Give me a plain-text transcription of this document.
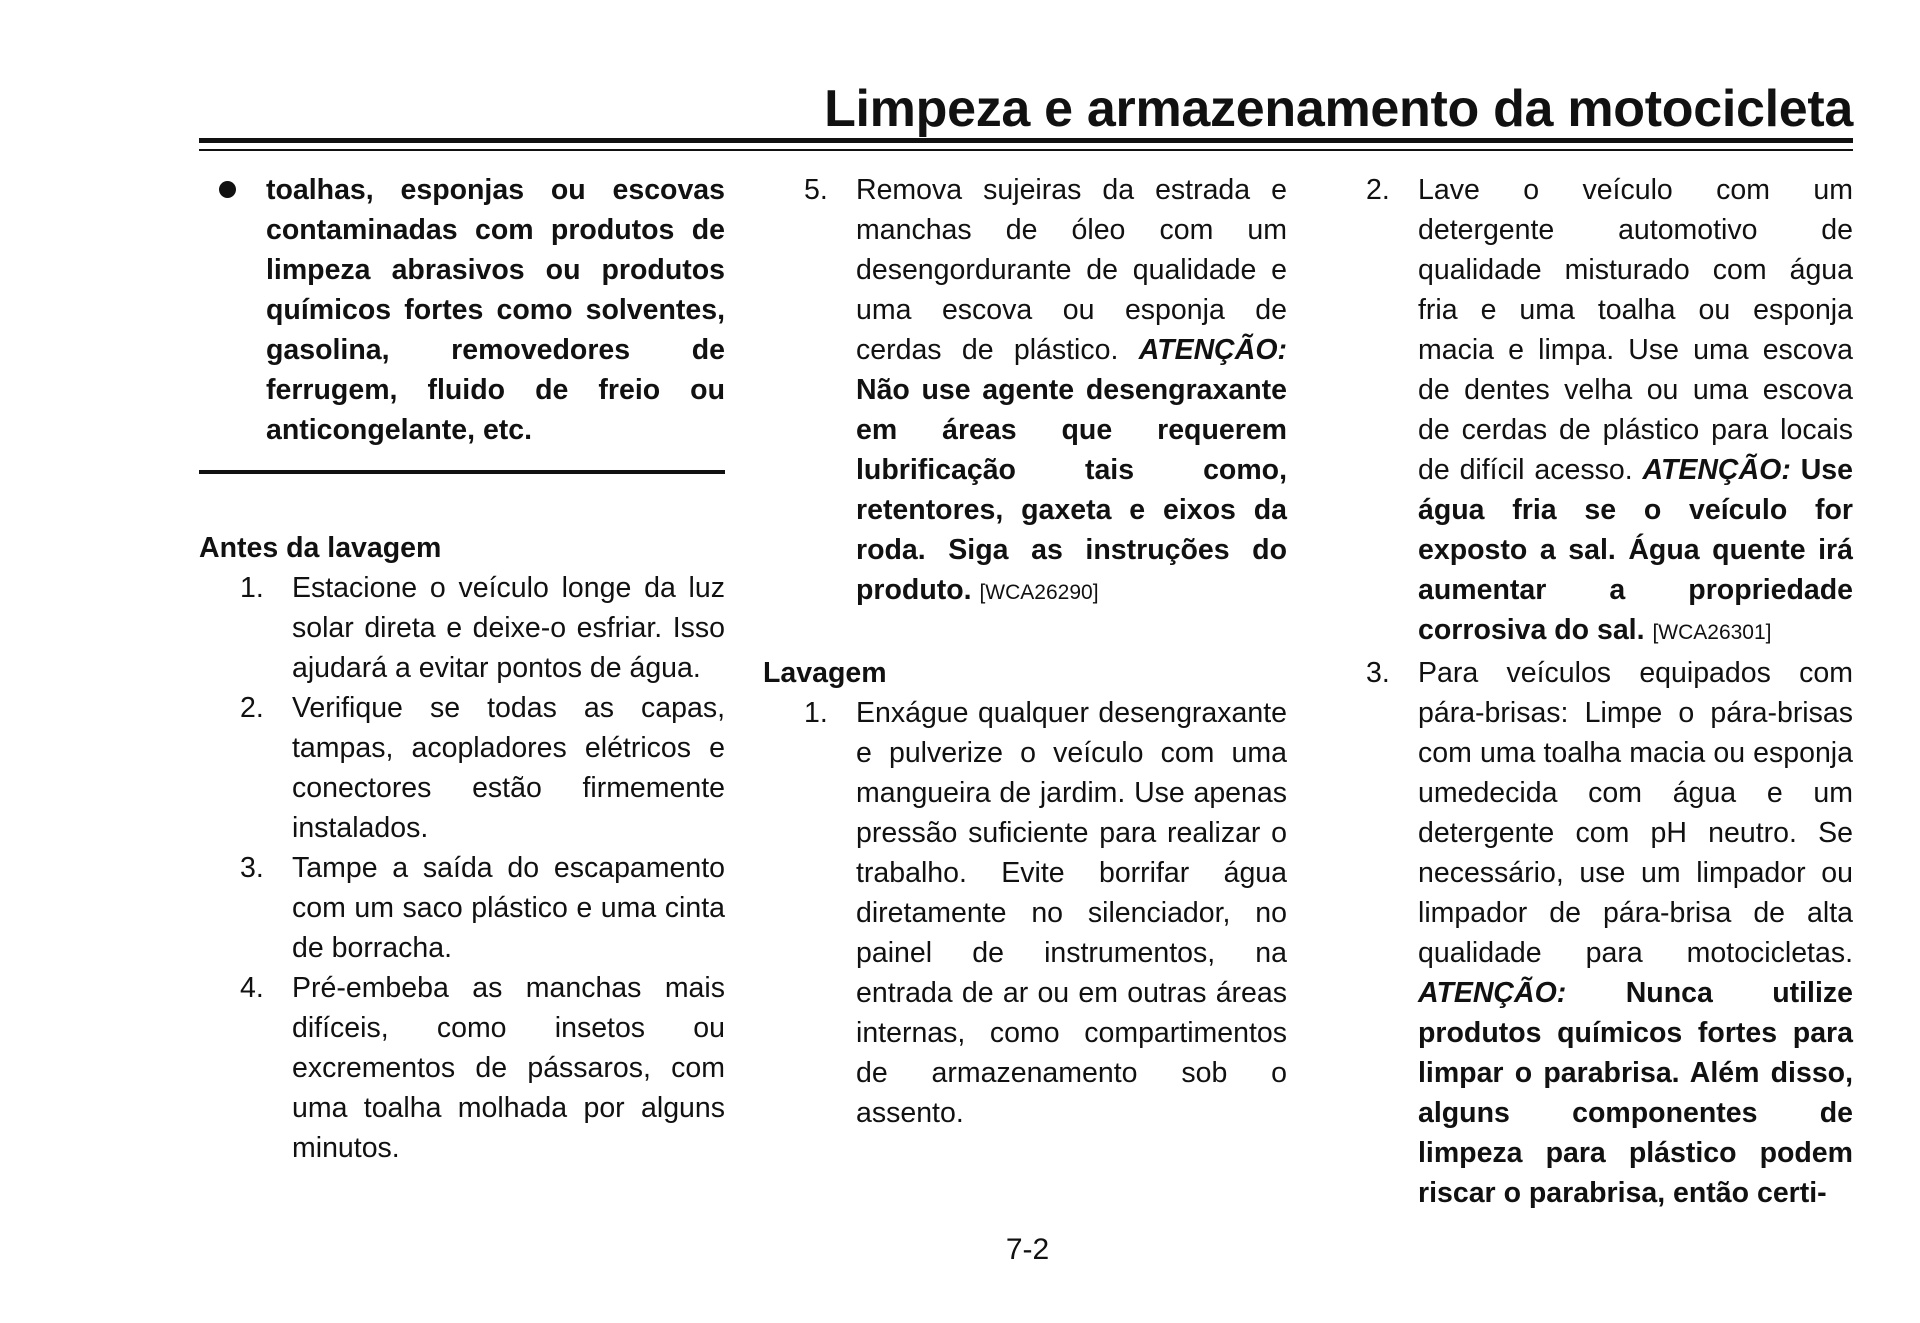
Limpeza e armazenamento da motocicleta
toalhas, esponjas ou escovas contaminadas com produtos de limpeza abrasivos ou produtos químicos fortes como solventes, gasolina, removedores de ferrugem, fluido de freio ou anticongelante, etc.
Antes da lavagem
1. Estacione o veículo longe da luz solar direta e deixe-o esfriar. Isso ajudará a evitar pontos de água.
2. Verifique se todas as capas, tampas, acopladores elétricos e conectores estão firmemente instalados.
3. Tampe a saída do escapamento com um saco plástico e uma cinta de borracha.
4. Pré-embeba as manchas mais difíceis, como insetos ou excrementos de pássaros, com uma toalha molhada por alguns minutos.
5. Remova sujeiras da estrada e manchas de óleo com um desengordurante de qualidade e uma escova ou esponja de cerdas de plástico. ATENÇÃO: Não use agente desengraxante em áreas que requerem lubrificação tais como, retentores, gaxeta e eixos da roda. Siga as instruções do produto. [WCA26290]
Lavagem
1. Enxágue qualquer desengraxante e pulverize o veículo com uma mangueira de jardim. Use apenas pressão suficiente para realizar o trabalho. Evite borrifar água diretamente no silenciador, no painel de instrumentos, na entrada de ar ou em outras áreas internas, como compartimentos de armazenamento sob o assento.
2. Lave o veículo com um detergente automotivo de qualidade misturado com água fria e uma toalha ou esponja macia e limpa. Use uma escova de dentes velha ou uma escova de cerdas de plástico para locais de difícil acesso. ATENÇÃO: Use água fria se o veículo for exposto a sal. Água quente irá aumentar a propriedade corrosiva do sal. [WCA26301]
3. Para veículos equipados com pára-brisas: Limpe o pára-brisas com uma toalha macia ou esponja umedecida com água e um detergente com pH neutro. Se necessário, use um limpador ou limpador de pára-brisa de alta qualidade para motocicletas. ATENÇÃO: Nunca utilize produtos químicos fortes para limpar o parabrisa. Além disso, alguns componentes de limpeza para plástico podem riscar o parabrisa, então certi-
7-2
